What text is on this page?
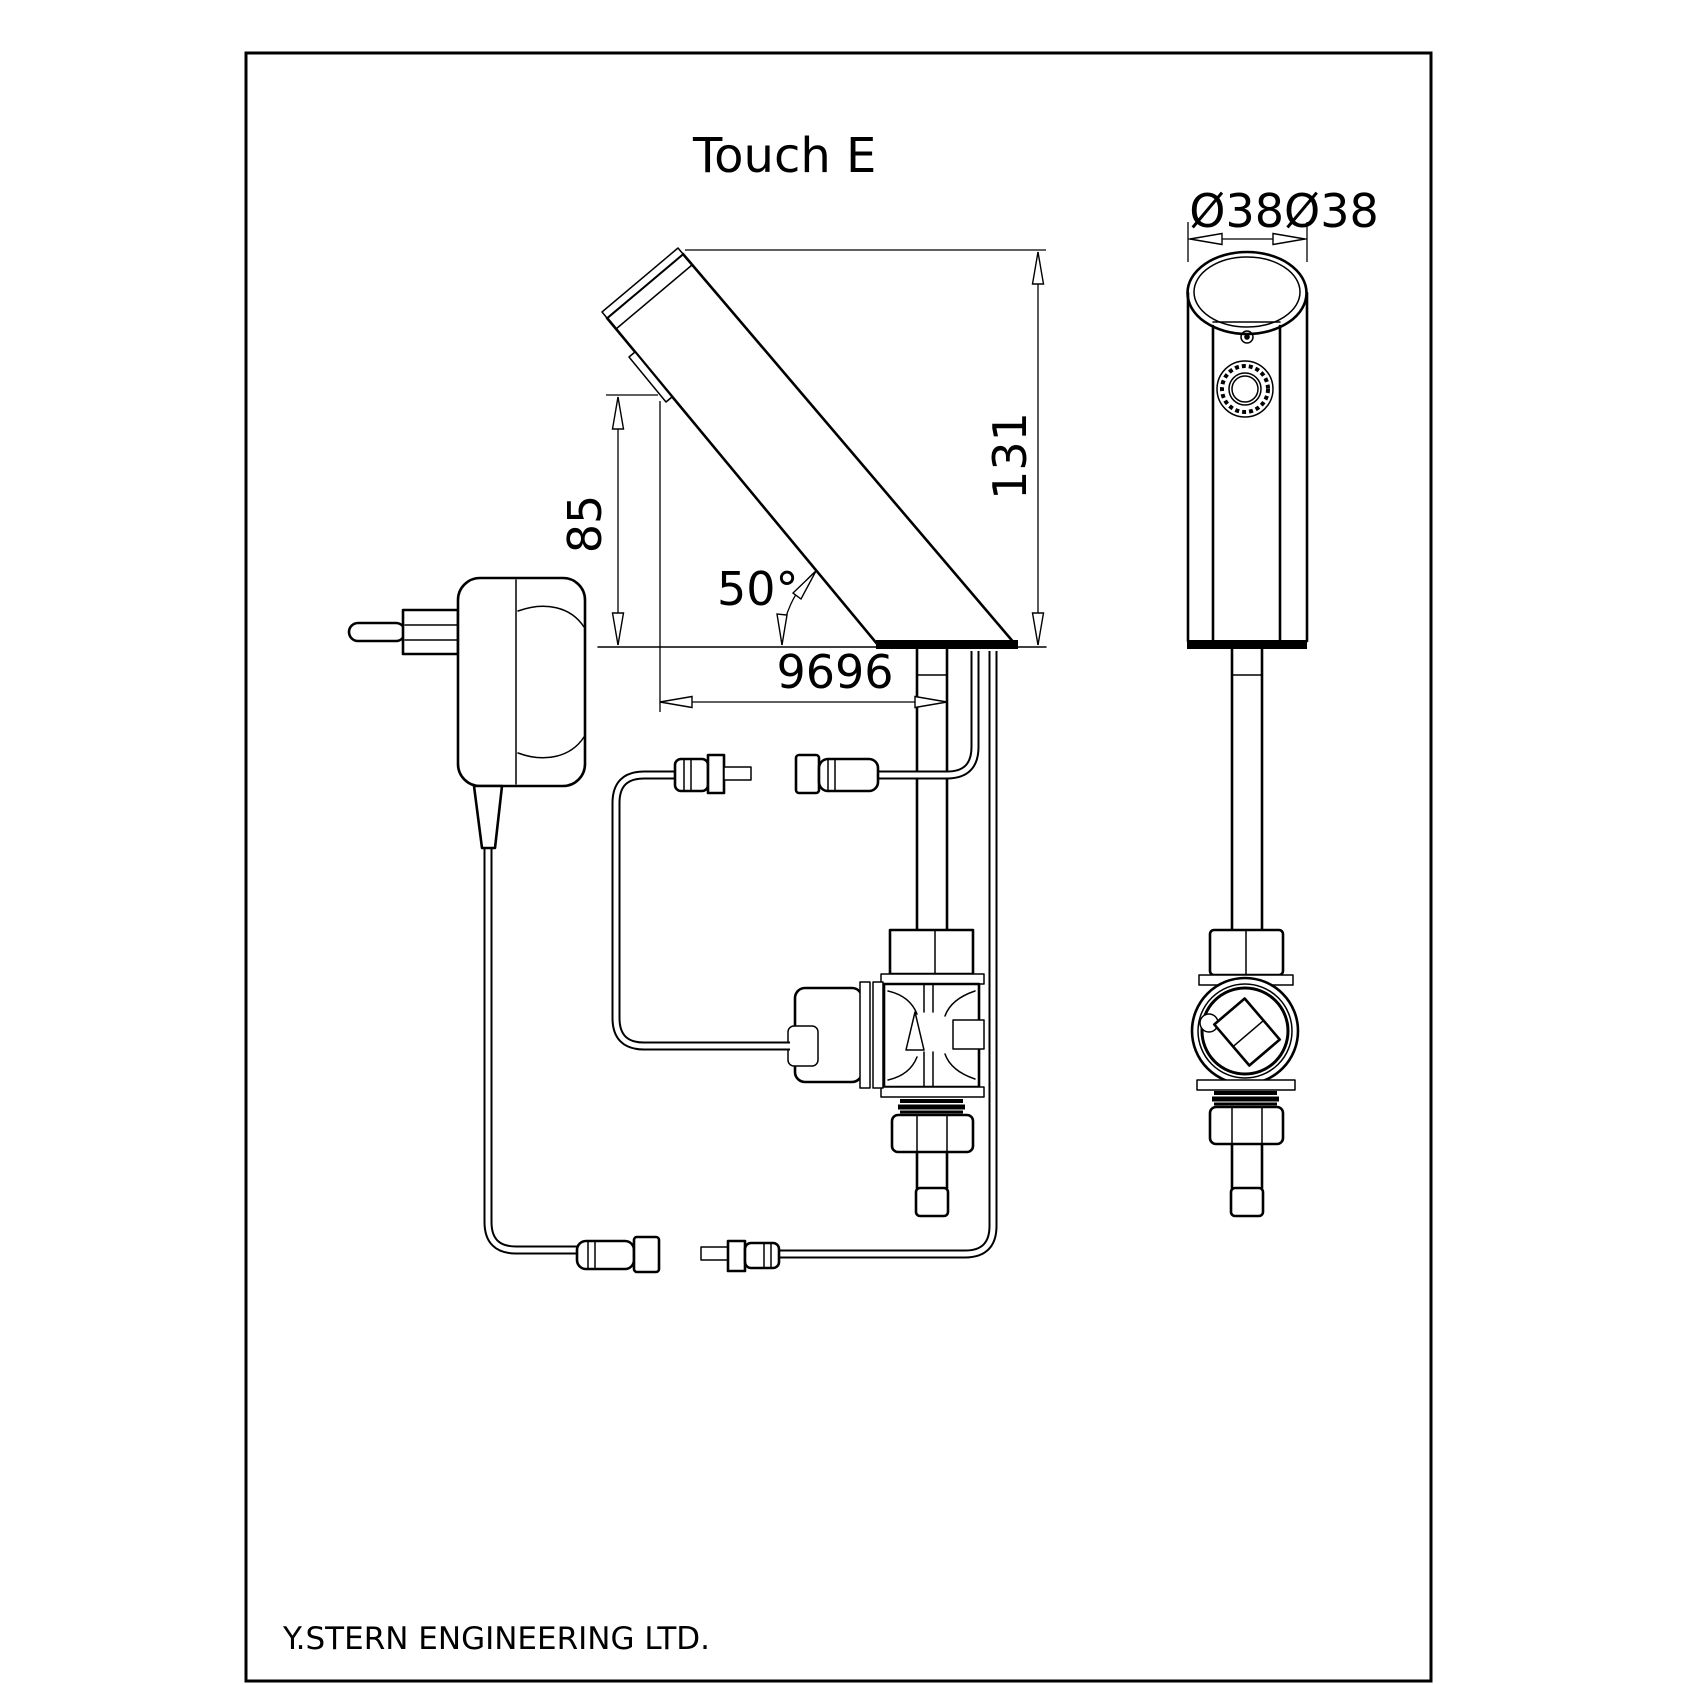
Touch E
Y.STERN ENGINEERING LTD.
131
85
50°
9696
Ø38Ø38
